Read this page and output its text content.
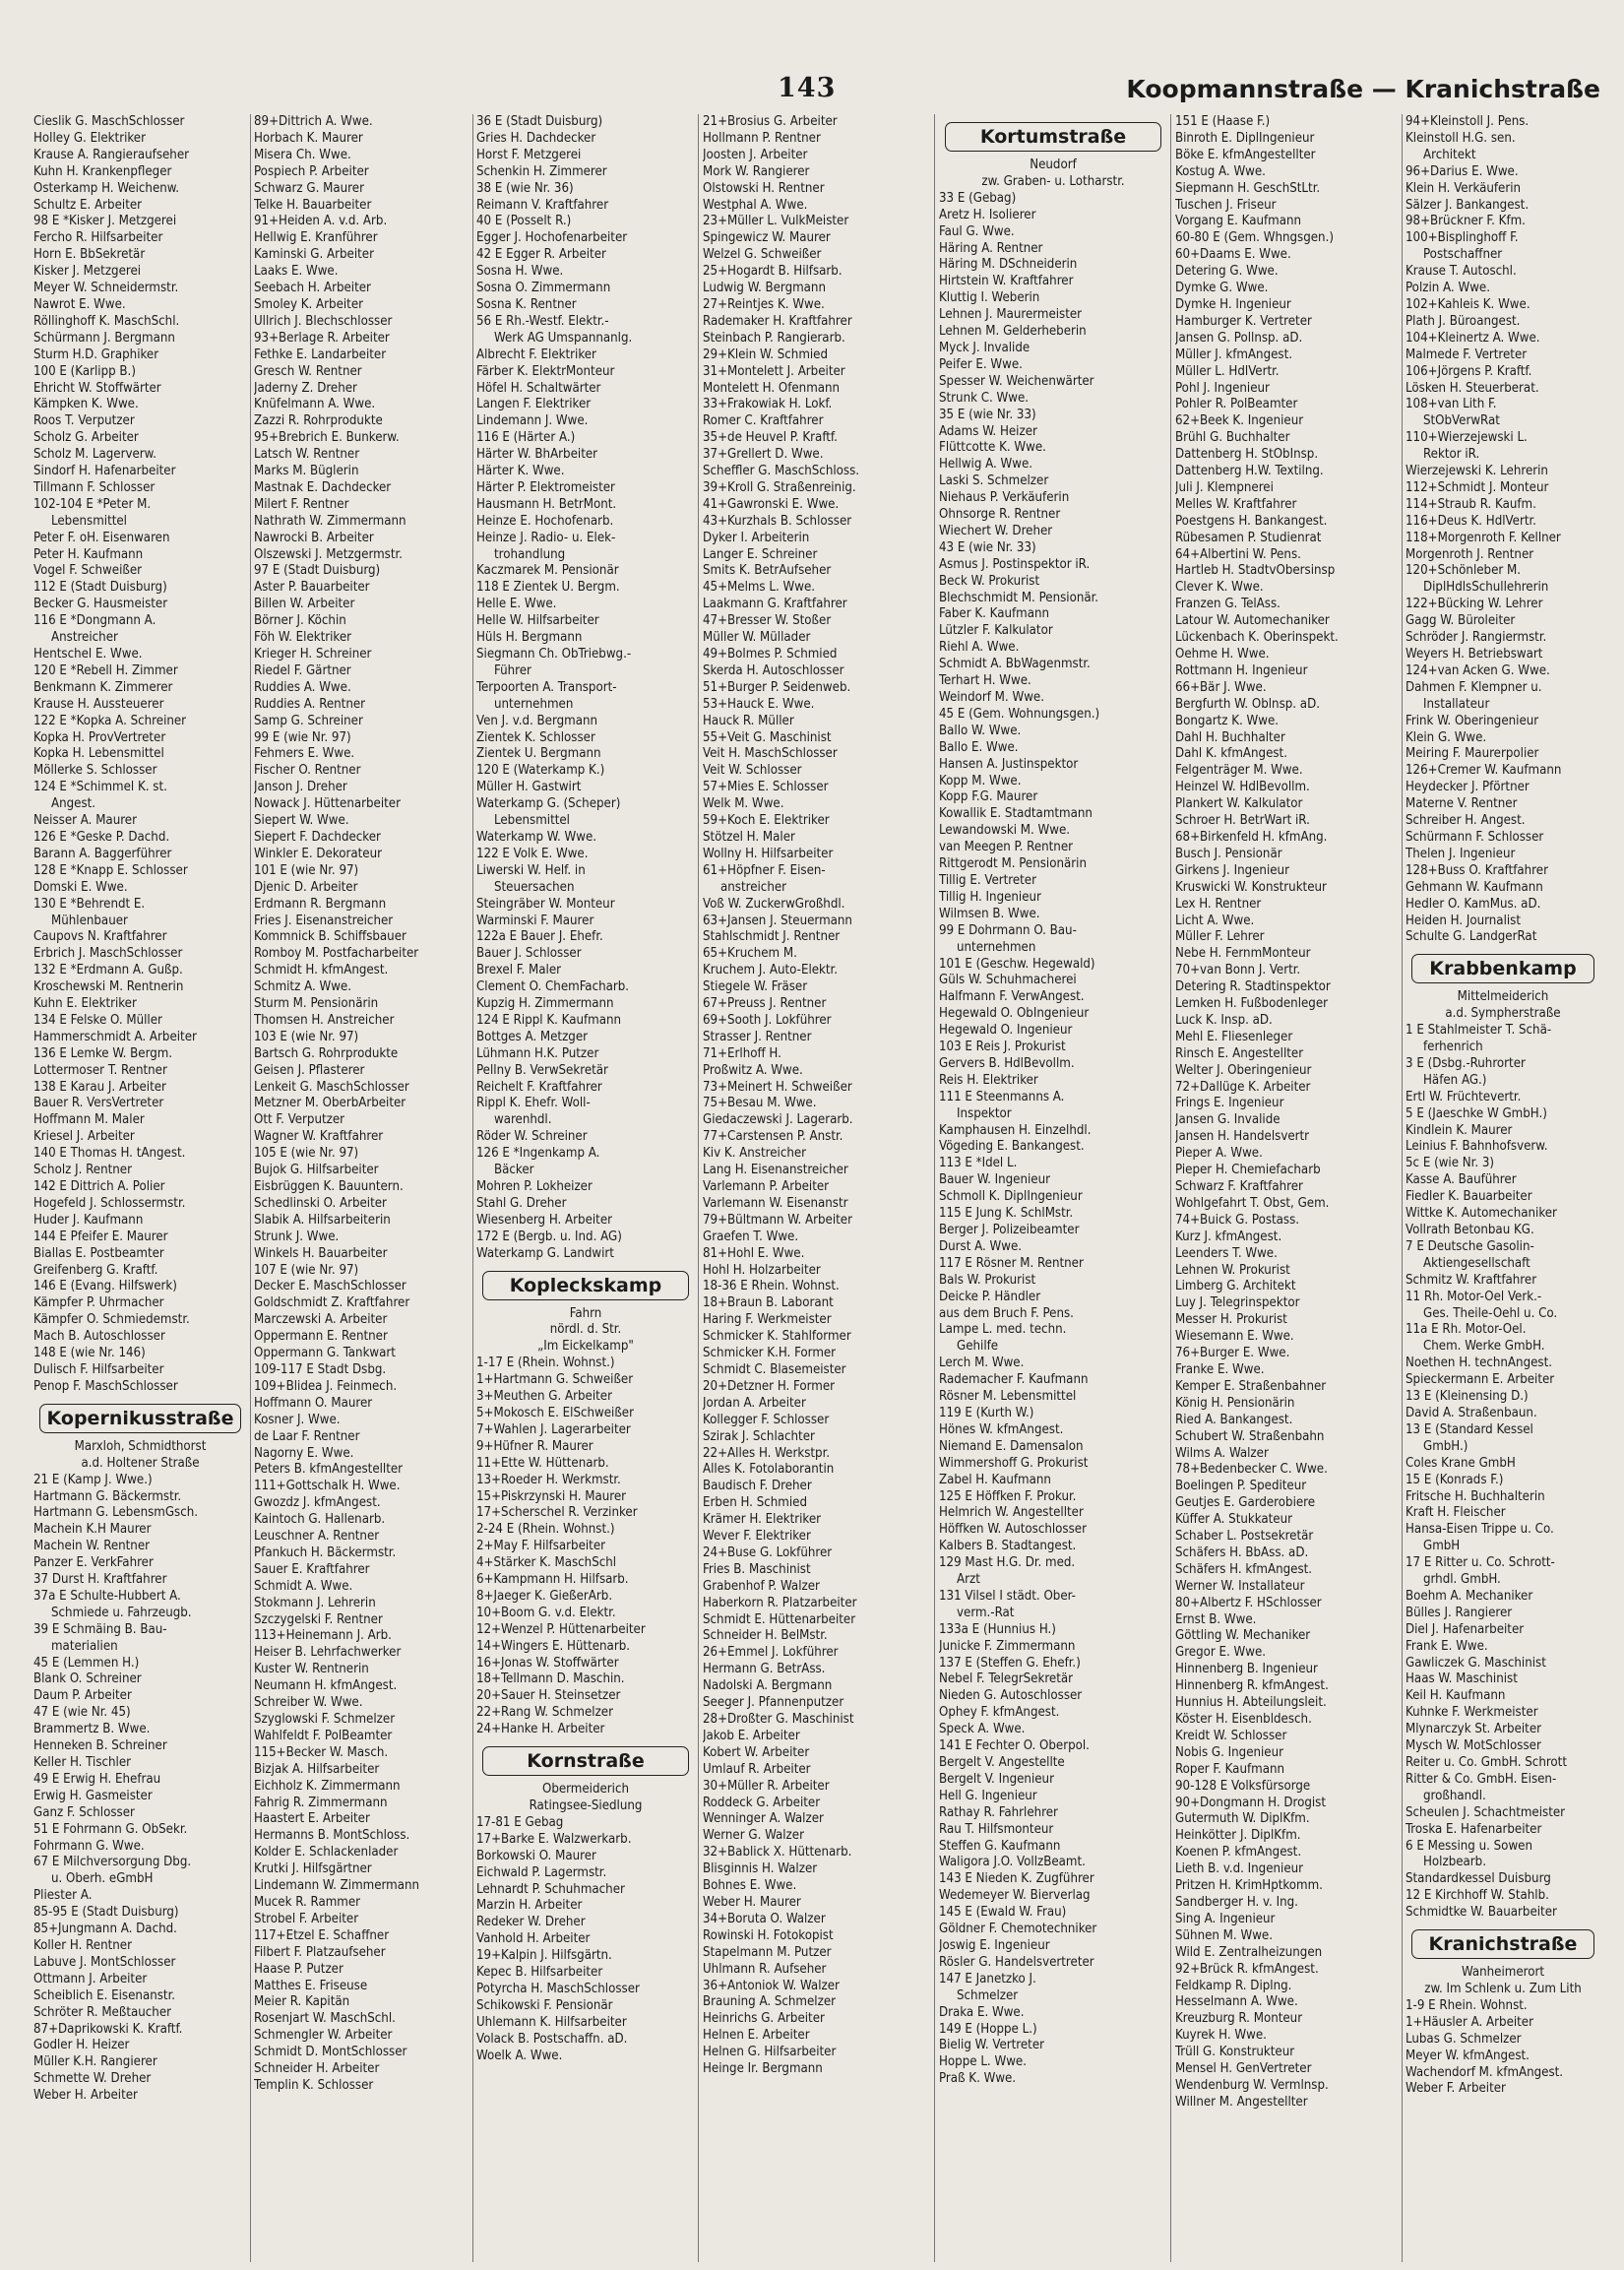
143	Koopmannstraße — Kranichstraße
Cieslik G. MaschSchlosser
Holley G. Elektriker
Krause A. Rangieraufseher
Kuhn H. Krankenpfleger
Osterkamp H. Weichenw.
Schultz E. Arbeiter
98 E *Kisker J. Metzgerei
Fercho R. Hilfsarbeiter
Horn E. BbSekretär
Kisker J. Metzgerei
Meyer W. Schneidermstr.
Nawrot E. Wwe.
Röllinghoff K. MaschSchl.
Schürmann J. Bergmann
Sturm H.D. Graphiker
100 E (Karlipp B.)
Ehricht W. Stoffwärter
Kämpken K. Wwe.
Roos T. Verputzer
Scholz G. Arbeiter
Scholz M. Lagerverw.
Sindorf H. Hafenarbeiter
Tillmann F. Schlosser
102-104 E *Peter M.
Lebensmittel
Peter F. oH. Eisenwaren
Peter H. Kaufmann
Vogel F. Schweißer
112 E (Stadt Duisburg)
Becker G. Hausmeister
116 E *Dongmann A.
Anstreicher
Hentschel E. Wwe.
120 E *Rebell H. Zimmer
Benkmann K. Zimmerer
Krause H. Aussteuerer
122 E *Kopka A. Schreiner
Kopka H. ProvVertreter
Kopka H. Lebensmittel
Möllerke S. Schlosser
124 E *Schimmel K. st.
Angest.
Neisser A. Maurer
126 E *Geske P. Dachd.
Barann A. Baggerführer
128 E *Knapp E. Schlosser
Domski E. Wwe.
130 E *Behrendt E.
Mühlenbauer
Caupovs N. Kraftfahrer
Erbrich J. MaschSchlosser
132 E *Erdmann A. Gußp.
Kroschewski M. Rentnerin
Kuhn E. Elektriker
134 E Felske O. Müller
Hammerschmidt A. Arbeiter
136 E Lemke W. Bergm.
Lottermoser T. Rentner
138 E Karau J. Arbeiter
Bauer R. VersVertreter
Hoffmann M. Maler
Kriesel J. Arbeiter
140 E Thomas H. tAngest.
Scholz J. Rentner
142 E Dittrich A. Polier
Hogefeld J. Schlossermstr.
Huder J. Kaufmann
144 E Pfeifer E. Maurer
Biallas E. Postbeamter
Greifenberg G. Kraftf.
146 E (Evang. Hilfswerk)
Kämpfer P. Uhrmacher
Kämpfer O. Schmiedemstr.
Mach B. Autoschlosser
148 E (wie Nr. 146)
Dulisch F. Hilfsarbeiter
Penop F. MaschSchlosser
Kopernikusstraße
Marxloh, Schmidthorst
a.d. Holtener Straße
21 E (Kamp J. Wwe.)
Hartmann G. Bäckermstr.
Hartmann G. LebensmGsch.
Machein K.H Maurer
Machein W. Rentner
Panzer E. VerkFahrer
37 Durst H. Kraftfahrer
37a E Schulte-Hubbert A.
Schmiede u. Fahrzeugb.
39 E Schmäing B. Bau-
materialien
45 E (Lemmen H.)
Blank O. Schreiner
Daum P. Arbeiter
47 E (wie Nr. 45)
Brammertz B. Wwe.
Henneken B. Schreiner
Keller H. Tischler
49 E Erwig H. Ehefrau
Erwig H. Gasmeister
Ganz F. Schlosser
51 E Fohrmann G. ObSekr.
Fohrmann G. Wwe.
67 E Milchversorgung Dbg.
u. Oberh. eGmbH
Pliester A.
85-95 E (Stadt Duisburg)
85+Jungmann A. Dachd.
Koller H. Rentner
Labuve J. MontSchlosser
Ottmann J. Arbeiter
Scheiblich E. Eisenanstr.
Schröter R. Meßtaucher
87+Daprikowski K. Kraftf.
Godler H. Heizer
Müller K.H. Rangierer
Schmette W. Dreher
Weber H. Arbeiter
89+Dittrich A. Wwe.
Horbach K. Maurer
Misera Ch. Wwe.
Pospiech P. Arbeiter
Schwarz G. Maurer
Telke H. Bauarbeiter
91+Heiden A. v.d. Arb.
Hellwig E. Kranführer
Kaminski G. Arbeiter
Laaks E. Wwe.
Seebach H. Arbeiter
Smoley K. Arbeiter
Ullrich J. Blechschlosser
93+Berlage R. Arbeiter
Fethke E. Landarbeiter
Gresch W. Rentner
Jaderny Z. Dreher
Knüfelmann A. Wwe.
Zazzi R. Rohrprodukte
95+Brebrich E. Bunkerw.
Latsch W. Rentner
Marks M. Büglerin
Mastnak E. Dachdecker
Milert F. Rentner
Nathrath W. Zimmermann
Nawrocki B. Arbeiter
Olszewski J. Metzgermstr.
97 E (Stadt Duisburg)
Aster P. Bauarbeiter
Billen W. Arbeiter
Börner J. Köchin
Föh W. Elektriker
Krieger H. Schreiner
Riedel F. Gärtner
Ruddies A. Wwe.
Ruddies A. Rentner
Samp G. Schreiner
99 E (wie Nr. 97)
Fehmers E. Wwe.
Fischer O. Rentner
Janson J. Dreher
Nowack J. Hüttenarbeiter
Siepert W. Wwe.
Siepert F. Dachdecker
Winkler E. Dekorateur
101 E (wie Nr. 97)
Djenic D. Arbeiter
Erdmann R. Bergmann
Fries J. Eisenanstreicher
Kommnick B. Schiffsbauer
Romboy M. Postfacharbeiter
Schmidt H. kfmAngest.
Schmitz A. Wwe.
Sturm M. Pensionärin
Thomsen H. Anstreicher
103 E (wie Nr. 97)
Bartsch G. Rohrprodukte
Geisen J. Pflasterer
Lenkeit G. MaschSchlosser
Metzner M. OberbArbeiter
Ott F. Verputzer
Wagner W. Kraftfahrer
105 E (wie Nr. 97)
Bujok G. Hilfsarbeiter
Eisbrüggen K. Bauuntern.
Schedlinski O. Arbeiter
Slabik A. Hilfsarbeiterin
Strunk J. Wwe.
Winkels H. Bauarbeiter
107 E (wie Nr. 97)
Decker E. MaschSchlosser
Goldschmidt Z. Kraftfahrer
Marczewski A. Arbeiter
Oppermann E. Rentner
Oppermann G. Tankwart
109-117 E Stadt Dsbg.
109+Blidea J. Feinmech.
Hoffmann O. Maurer
Kosner J. Wwe.
de Laar F. Rentner
Nagorny E. Wwe.
Peters B. kfmAngestellter
111+Gottschalk H. Wwe.
Gwozdz J. kfmAngest.
Kaintoch G. Hallenarb.
Leuschner A. Rentner
Pfankuch H. Bäckermstr.
Sauer E. Kraftfahrer
Schmidt A. Wwe.
Stokmann J. Lehrerin
Szczygelski F. Rentner
113+Heinemann J. Arb.
Heiser B. Lehrfachwerker
Kuster W. Rentnerin
Neumann H. kfmAngest.
Schreiber W. Wwe.
Szyglowski F. Schmelzer
Wahlfeldt F. PolBeamter
115+Becker W. Masch.
Bizjak A. Hilfsarbeiter
Eichholz K. Zimmermann
Fahrig R. Zimmermann
Haastert E. Arbeiter
Hermanns B. MontSchloss.
Kolder E. Schlackenlader
Krutki J. Hilfsgärtner
Lindemann W. Zimmermann
Mucek R. Rammer
Strobel F. Arbeiter
117+Etzel E. Schaffner
Filbert F. Platzaufseher
Haase P. Putzer
Matthes E. Friseuse
Meier R. Kapitän
Rosenjart W. MaschSchl.
Schmengler W. Arbeiter
Schmidt D. MontSchlosser
Schneider H. Arbeiter
Templin K. Schlosser
36 E (Stadt Duisburg)
Gries H. Dachdecker
Horst F. Metzgerei
Schenkin H. Zimmerer
38 E (wie Nr. 36)
Reimann V. Kraftfahrer
40 E (Posselt R.)
Egger J. Hochofenarbeiter
42 E Egger R. Arbeiter
Sosna H. Wwe.
Sosna O. Zimmermann
Sosna K. Rentner
56 E Rh.-Westf. Elektr.-
Werk AG Umspannanlg.
Albrecht F. Elektriker
Färber K. ElektrMonteur
Höfel H. Schaltwärter
Langen F. Elektriker
Lindemann J. Wwe.
116 E (Härter A.)
Härter W. BhArbeiter
Härter K. Wwe.
Härter P. Elektromeister
Hausmann H. BetrMont.
Heinze E. Hochofenarb.
Heinze J. Radio- u. Elek-
trohandlung
Kaczmarek M. Pensionär
118 E Zientek U. Bergm.
Helle E. Wwe.
Helle W. Hilfsarbeiter
Hüls H. Bergmann
Siegmann Ch. ObTriebwg.-
Führer
Terpoorten A. Transport-
unternehmen
Ven J. v.d. Bergmann
Zientek K. Schlosser
Zientek U. Bergmann
120 E (Waterkamp K.)
Müller H. Gastwirt
Waterkamp G. (Scheper)
Lebensmittel
Waterkamp W. Wwe.
122 E Volk E. Wwe.
Liwerski W. Helf. in
Steuersachen
Steingräber W. Monteur
Warminski F. Maurer
122a E Bauer J. Ehefr.
Bauer J. Schlosser
Brexel F. Maler
Clement O. ChemFacharb.
Kupzig H. Zimmermann
124 E Rippl K. Kaufmann
Bottges A. Metzger
Lühmann H.K. Putzer
Pellny B. VerwSekretär
Reichelt F. Kraftfahrer
Rippl K. Ehefr. Woll-
warenhdl.
Röder W. Schreiner
126 E *Ingenkamp A.
Bäcker
Mohren P. Lokheizer
Stahl G. Dreher
Wiesenberg H. Arbeiter
172 E (Bergb. u. Ind. AG)
Waterkamp G. Landwirt
Kopleckskamp
Fahrn
nördl. d. Str.
„Im Eickelkamp"
1-17 E (Rhein. Wohnst.)
1+Hartmann G. Schweißer
3+Meuthen G. Arbeiter
5+Mokosch E. ElSchweißer
7+Wahlen J. Lagerarbeiter
9+Hüfner R. Maurer
11+Ette W. Hüttenarb.
13+Roeder H. Werkmstr.
15+Piskrzynski H. Maurer
17+Scherschel R. Verzinker
2-24 E (Rhein. Wohnst.)
2+May F. Hilfsarbeiter
4+Stärker K. MaschSchl
6+Kampmann H. Hilfsarb.
8+Jaeger K. GießerArb.
10+Boom G. v.d. Elektr.
12+Wenzel P. Hüttenarbeiter
14+Wingers E. Hüttenarb.
16+Jonas W. Stoffwärter
18+Tellmann D. Maschin.
20+Sauer H. Steinsetzer
22+Rang W. Schmelzer
24+Hanke H. Arbeiter
Kornstraße
Obermeiderich
Ratingsee-Siedlung
17-81 E Gebag
17+Barke E. Walzwerkarb.
Borkowski O. Maurer
Eichwald P. Lagermstr.
Lehnardt P. Schuhmacher
Marzin H. Arbeiter
Redeker W. Dreher
Vanhold H. Arbeiter
19+Kalpin J. Hilfsgärtn.
Kepec B. Hilfsarbeiter
Potyrcha H. MaschSchlosser
Schikowski F. Pensionär
Uhlemann K. Hilfsarbeiter
Volack B. Postschaffn. aD.
Woelk A. Wwe.
21+Brosius G. Arbeiter
Hollmann P. Rentner
Joosten J. Arbeiter
Mork W. Rangierer
Olstowski H. Rentner
Westphal A. Wwe.
23+Müller L. VulkMeister
Spingewicz W. Maurer
Welzel G. Schweißer
25+Hogardt B. Hilfsarb.
Ludwig W. Bergmann
27+Reintjes K. Wwe.
Rademaker H. Kraftfahrer
Steinbach P. Rangierarb.
29+Klein W. Schmied
31+Montelett J. Arbeiter
Montelett H. Ofenmann
33+Frakowiak H. Lokf.
Romer C. Kraftfahrer
35+de Heuvel P. Kraftf.
37+Grellert D. Wwe.
Scheffler G. MaschSchloss.
39+Kroll G. Straßenreinig.
41+Gawronski E. Wwe.
43+Kurzhals B. Schlosser
Dyker I. Arbeiterin
Langer E. Schreiner
Smits K. BetrAufseher
45+Melms L. Wwe.
Laakmann G. Kraftfahrer
47+Bresser W. Stoßer
Müller W. Müllader
49+Bolmes P. Schmied
Skerda H. Autoschlosser
51+Burger P. Seidenweb.
53+Hauck E. Wwe.
Hauck R. Müller
55+Veit G. Maschinist
Veit H. MaschSchlosser
Veit W. Schlosser
57+Mies E. Schlosser
Welk M. Wwe.
59+Koch E. Elektriker
Stötzel H. Maler
Wollny H. Hilfsarbeiter
61+Höpfner F. Eisen-
anstreicher
Voß W. ZuckerwGroßhdl.
63+Jansen J. Steuermann
Stahlschmidt J. Rentner
65+Kruchem M.
Kruchem J. Auto-Elektr.
Stiegele W. Fräser
67+Preuss J. Rentner
69+Sooth J. Lokführer
Strasser J. Rentner
71+Erlhoff H.
Proßwitz A. Wwe.
73+Meinert H. Schweißer
75+Besau M. Wwe.
Giedaczewski J. Lagerarb.
77+Carstensen P. Anstr.
Kiv K. Anstreicher
Lang H. Eisenanstreicher
Varlemann P. Arbeiter
Varlemann W. Eisenanstr
79+Bültmann W. Arbeiter
Graefen T. Wwe.
81+Hohl E. Wwe.
Hohl H. Holzarbeiter
18-36 E Rhein. Wohnst.
18+Braun B. Laborant
Haring F. Werkmeister
Schmicker K. Stahlformer
Schmicker K.H. Former
Schmidt C. Blasemeister
20+Detzner H. Former
Jordan A. Arbeiter
Kollegger F. Schlosser
Szirak J. Schlachter
22+Alles H. Werkstpr.
Alles K. Fotolaborantin
Baudisch F. Dreher
Erben H. Schmied
Krämer H. Elektriker
Wever F. Elektriker
24+Buse G. Lokführer
Fries B. Maschinist
Grabenhof P. Walzer
Haberkorn R. Platzarbeiter
Schmidt E. Hüttenarbeiter
Schneider H. BelMstr.
26+Emmel J. Lokführer
Hermann G. BetrAss.
Nadolski A. Bergmann
Seeger J. Pfannenputzer
28+Droßter G. Maschinist
Jakob E. Arbeiter
Kobert W. Arbeiter
Umlauf R. Arbeiter
30+Müller R. Arbeiter
Roddeck G. Arbeiter
Wenninger A. Walzer
Werner G. Walzer
32+Bablick X. Hüttenarb.
Blisginnis H. Walzer
Bohnes E. Wwe.
Weber H. Maurer
34+Boruta O. Walzer
Rowinski H. Fotokopist
Stapelmann M. Putzer
Uhlmann R. Aufseher
36+Antoniok W. Walzer
Brauning A. Schmelzer
Heinrichs G. Arbeiter
Helnen E. Arbeiter
Helnen G. Hilfsarbeiter
Heinge Ir. Bergmann
Kortumstraße
Neudorf
zw. Graben- u. Lotharstr.
33 E (Gebag)
Aretz H. Isolierer
Faul G. Wwe.
Häring A. Rentner
Häring M. DSchneiderin
Hirtstein W. Kraftfahrer
Kluttig I. Weberin
Lehnen J. Maurermeister
Lehnen M. Gelderheberin
Myck J. Invalide
Peifer E. Wwe.
Spesser W. Weichenwärter
Strunk C. Wwe.
35 E (wie Nr. 33)
Adams W. Heizer
Flüttcotte K. Wwe.
Hellwig A. Wwe.
Laski S. Schmelzer
Niehaus P. Verkäuferin
Ohnsorge R. Rentner
Wiechert W. Dreher
43 E (wie Nr. 33)
Asmus J. Postinspektor iR.
Beck W. Prokurist
Blechschmidt M. Pensionär.
Faber K. Kaufmann
Lützler F. Kalkulator
Riehl A. Wwe.
Schmidt A. BbWagenmstr.
Terhart H. Wwe.
Weindorf M. Wwe.
45 E (Gem. Wohnungsgen.)
Ballo W. Wwe.
Ballo E. Wwe.
Hansen A. Justinspektor
Kopp M. Wwe.
Kopp F.G. Maurer
Kowallik E. Stadtamtmann
Lewandowski M. Wwe.
van Meegen P. Rentner
Rittgerodt M. Pensionärin
Tillig E. Vertreter
Tillig H. Ingenieur
Wilmsen B. Wwe.
99 E Dohrmann O. Bau-
unternehmen
101 E (Geschw. Hegewald)
Güls W. Schuhmacherei
Halfmann F. VerwAngest.
Hegewald O. ObIngenieur
Hegewald O. Ingenieur
103 E Reis J. Prokurist
Gervers B. HdlBevollm.
Reis H. Elektriker
111 E Steenmanns A.
Inspektor
Kamphausen H. Einzelhdl.
Vögeding E. Bankangest.
113 E *Idel L.
Bauer W. Ingenieur
Schmoll K. DiplIngenieur
115 E Jung K. SchlMstr.
Berger J. Polizeibeamter
Durst A. Wwe.
117 E Rösner M. Rentner
Bals W. Prokurist
Deicke P. Händler
aus dem Bruch F. Pens.
Lampe L. med. techn.
Gehilfe
Lerch M. Wwe.
Rademacher F. Kaufmann
Rösner M. Lebensmittel
119 E (Kurth W.)
Hönes W. kfmAngest.
Niemand E. Damensalon
Wimmershoff G. Prokurist
Zabel H. Kaufmann
125 E Höffken F. Prokur.
Helmrich W. Angestellter
Höffken W. Autoschlosser
Kalbers B. Stadtangest.
129 Mast H.G. Dr. med.
Arzt
131 Vilsel I städt. Ober-
verm.-Rat
133a E (Hunnius H.)
Junicke F. Zimmermann
137 E (Steffen G. Ehefr.)
Nebel F. TelegrSekretär
Nieden G. Autoschlosser
Ophey F. kfmAngest.
Speck A. Wwe.
141 E Fechter O. Oberpol.
Bergelt V. Angestellte
Bergelt V. Ingenieur
Hell G. Ingenieur
Rathay R. Fahrlehrer
Rau T. Hilfsmonteur
Steffen G. Kaufmann
Waligora J.O. VollzBeamt.
143 E Nieden K. Zugführer
Wedemeyer W. Bierverlag
145 E (Ewald W. Frau)
Göldner F. Chemotechniker
Joswig E. Ingenieur
Rösler G. Handelsvertreter
147 E Janetzko J.
Schmelzer
Draka E. Wwe.
149 E (Hoppe L.)
Bielig W. Vertreter
Hoppe L. Wwe.
Praß K. Wwe.
151 E (Haase F.)
Binroth E. DiplIngenieur
Böke E. kfmAngestellter
Kostug A. Wwe.
Siepmann H. GeschStLtr.
Tuschen J. Friseur
Vorgang E. Kaufmann
60-80 E (Gem. Whngsgen.)
60+Daams E. Wwe.
Detering G. Wwe.
Dymke G. Wwe.
Dymke H. Ingenieur
Hamburger K. Vertreter
Jansen G. Pollnsp. aD.
Müller J. kfmAngest.
Müller L. HdlVertr.
Pohl J. Ingenieur
Pohler R. PolBeamter
62+Beek K. Ingenieur
Brühl G. Buchhalter
Dattenberg H. StObInsp.
Dattenberg H.W. Textilng.
Juli J. Klempnerei
Melles W. Kraftfahrer
Poestgens H. Bankangest.
Rübesamen P. Studienrat
64+Albertini W. Pens.
Hartleb H. StadtvObersinsp
Clever K. Wwe.
Franzen G. TelAss.
Latour W. Automechaniker
Lückenbach K. Oberinspekt.
Oehme H. Wwe.
Rottmann H. Ingenieur
66+Bär J. Wwe.
Bergfurth W. Oblnsp. aD.
Bongartz K. Wwe.
Dahl H. Buchhalter
Dahl K. kfmAngest.
Felgenträger M. Wwe.
Heinzel W. HdlBevollm.
Plankert W. Kalkulator
Schroer H. BetrWart iR.
68+Birkenfeld H. kfmAng.
Busch J. Pensionär
Girkens J. Ingenieur
Kruswicki W. Konstrukteur
Lex H. Rentner
Licht A. Wwe.
Müller F. Lehrer
Nebe H. FernmMonteur
70+van Bonn J. Vertr.
Detering R. Stadtinspektor
Lemken H. Fußbodenleger
Luck K. Insp. aD.
Mehl E. Fliesenleger
Rinsch E. Angestellter
Welter J. Oberingenieur
72+Dallüge K. Arbeiter
Frings E. Ingenieur
Jansen G. Invalide
Jansen H. Handelsvertr
Pieper A. Wwe.
Pieper H. Chemiefacharb
Schwarz F. Kraftfahrer
Wohlgefahrt T. Obst, Gem.
74+Buick G. Postass.
Kurz J. kfmAngest.
Leenders T. Wwe.
Lehnen W. Prokurist
Limberg G. Architekt
Luy J. Telegrinspektor
Messer H. Prokurist
Wiesemann E. Wwe.
76+Burger E. Wwe.
Franke E. Wwe.
Kemper E. Straßenbahner
König H. Pensionärin
Ried A. Bankangest.
Schubert W. Straßenbahn
Wilms A. Walzer
78+Bedenbecker C. Wwe.
Boelingen P. Spediteur
Geutjes E. Garderobiere
Küffer A. Stukkateur
Schaber L. Postsekretär
Schäfers H. BbAss. aD.
Schäfers H. kfmAngest.
Werner W. Installateur
80+Albertz F. HSchlosser
Ernst B. Wwe.
Göttling W. Mechaniker
Gregor E. Wwe.
Hinnenberg B. Ingenieur
Hinnenberg R. kfmAngest.
Hunnius H. Abteilungsleit.
Köster H. Eisenbldesch.
Kreidt W. Schlosser
Nobis G. Ingenieur
Roper F. Kaufmann
90-128 E Volksfürsorge
90+Dongmann H. Drogist
Gutermuth W. DiplKfm.
Heinkötter J. DiplKfm.
Koenen P. kfmAngest.
Lieth B. v.d. Ingenieur
Pritzen H. KrimHptkomm.
Sandberger H. v. Ing.
Sing A. Ingenieur
Sühnen M. Wwe.
Wild E. Zentralheizungen
92+Brück R. kfmAngest.
Feldkamp R. Diplng.
Hesselmann A. Wwe.
Kreuzburg R. Monteur
Kuyrek H. Wwe.
Trüll G. Konstrukteur
Mensel H. GenVertreter
Wendenburg W. Vermlnsp.
Willner M. Angestellter
94+Kleinstoll J. Pens.
Kleinstoll H.G. sen.
Architekt
96+Darius E. Wwe.
Klein H. Verkäuferin
Sälzer J. Bankangest.
98+Brückner F. Kfm.
100+Bisplinghoff F.
Postschaffner
Krause T. Autoschl.
Polzin A. Wwe.
102+Kahleis K. Wwe.
Plath J. Büroangest.
104+Kleinertz A. Wwe.
Malmede F. Vertreter
106+Jörgens P. Kraftf.
Lösken H. Steuerberat.
108+van Lith F.
StObVerwRat
110+Wierzejewski L.
Rektor iR.
Wierzejewski K. Lehrerin
112+Schmidt J. Monteur
114+Straub R. Kaufm.
116+Deus K. HdlVertr.
118+Morgenroth F. Kellner
Morgenroth J. Rentner
120+Schönleber M.
DiplHdlsSchullehrerin
122+Bücking W. Lehrer
Gagg W. Büroleiter
Schröder J. Rangiermstr.
Weyers H. Betriebswart
124+van Acken G. Wwe.
Dahmen F. Klempner u.
Installateur
Frink W. Oberingenieur
Klein G. Wwe.
Meiring F. Maurerpolier
126+Cremer W. Kaufmann
Heydecker J. Pförtner
Materne V. Rentner
Schreiber H. Angest.
Schürmann F. Schlosser
Thelen J. Ingenieur
128+Buss O. Kraftfahrer
Gehmann W. Kaufmann
Hedler O. KamMus. aD.
Heiden H. Journalist
Schulte G. LandgerRat
Krabbenkamp
Mittelmeiderich
a.d. Sympherstraße
1 E Stahlmeister T. Schä-
ferhenrich
3 E (Dsbg.-Ruhrorter
Häfen AG.)
Ertl W. Früchtevertr.
5 E (Jaeschke W GmbH.)
Kindlein K. Maurer
Leinius F. Bahnhofsverw.
5c E (wie Nr. 3)
Kasse A. Bauführer
Fiedler K. Bauarbeiter
Wittke K. Automechaniker
Vollrath Betonbau KG.
7 E Deutsche Gasolin-
Aktiengesellschaft
Schmitz W. Kraftfahrer
11 Rh. Motor-Oel Verk.-
Ges. Theile-Oehl u. Co.
11a E Rh. Motor-Oel.
Chem. Werke GmbH.
Noethen H. technAngest.
Spieckermann E. Arbeiter
13 E (Kleinensing D.)
David A. Straßenbaun.
13 E (Standard Kessel
GmbH.)
Coles Krane GmbH
15 E (Konrads F.)
Fritsche H. Buchhalterin
Kraft H. Fleischer
Hansa-Eisen Trippe u. Co.
GmbH
17 E Ritter u. Co. Schrott-
grhdl. GmbH.
Boehm A. Mechaniker
Bülles J. Rangierer
Diel J. Hafenarbeiter
Frank E. Wwe.
Gawliczek G. Maschinist
Haas W. Maschinist
Keil H. Kaufmann
Kuhnke F. Werkmeister
Mlynarczyk St. Arbeiter
Mysch W. MotSchlosser
Reiter u. Co. GmbH. Schrott
Ritter & Co. GmbH. Eisen-
großhandl.
Scheulen J. Schachtmeister
Troska E. Hafenarbeiter
6 E Messing u. Sowen
Holzbearb.
Standardkessel Duisburg
12 E Kirchhoff W. Stahlb.
Schmidtke W. Bauarbeiter
Kranichstraße
Wanheimerort
zw. Im Schlenk u. Zum Lith
1-9 E Rhein. Wohnst.
1+Häusler A. Arbeiter
Lubas G. Schmelzer
Meyer W. kfmAngest.
Wachendorf M. kfmAngest.
Weber F. Arbeiter
